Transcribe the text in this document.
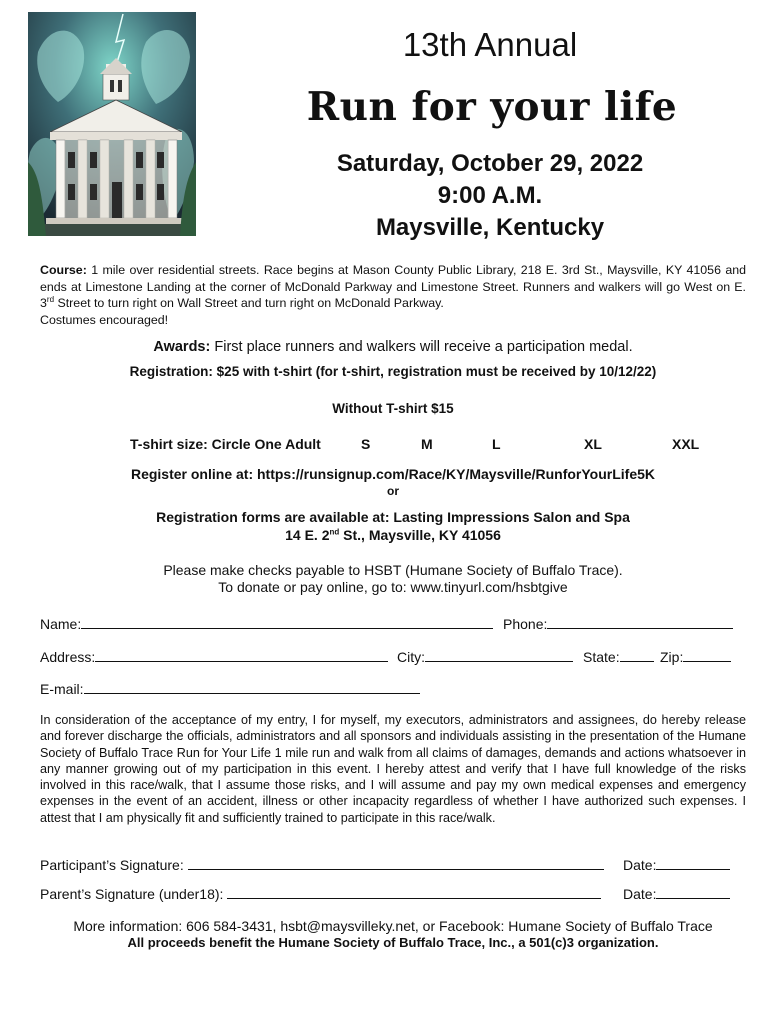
13th Annual
Run for your life
Saturday, October 29, 2022
9:00 A.M.
Maysville, Kentucky
Course: 1 mile over residential streets. Race begins at Mason County Public Library, 218 E. 3rd St., Maysville, KY 41056 and ends at Limestone Landing at the corner of McDonald Parkway and Limestone Street. Runners and walkers will go West on E. 3rd Street to turn right on Wall Street and turn right on McDonald Parkway.
Costumes encouraged!
Awards: First place runners and walkers will receive a participation medal.
Registration: $25 with t-shirt (for t-shirt, registration must be received by 10/12/22)
Without T-shirt $15
T-shirt size: Circle One Adult	S	M	L	XL	XXL
Register online at: https://runsignup.com/Race/KY/Maysville/RunforYourLife5K
or
Registration forms are available at: Lasting Impressions Salon and Spa
14 E. 2nd St., Maysville, KY 41056
Please make checks payable to HSBT (Humane Society of Buffalo Trace).
To donate or pay online, go to: www.tinyurl.com/hsbtgive
Name:	Phone:
Address:	City:	State:	Zip:
E-mail:
In consideration of the acceptance of my entry, I for myself, my executors, administrators and assignees, do hereby release and forever discharge the officials, administrators and all sponsors and individuals assisting in the presentation of the Humane Society of Buffalo Trace Run for Your Life 1 mile run and walk from all claims of damages, demands and actions whatsoever in any manner growing out of my participation in this event. I hereby attest and verify that I have full knowledge of the risks involved in this race/walk, that I assume those risks, and I will assume and pay my own medical expenses and emergency expenses in the event of an accident, illness or other incapacity regardless of whether I have authorized such expenses. I attest that I am physically fit and sufficiently trained to participate in this race/walk.
Participant’s Signature:	Date:
Parent’s Signature (under18):	Date:
More information: 606 584-3431, hsbt@maysvilleky.net, or Facebook: Humane Society of Buffalo Trace
All proceeds benefit the Humane Society of Buffalo Trace, Inc., a 501(c)3 organization.
